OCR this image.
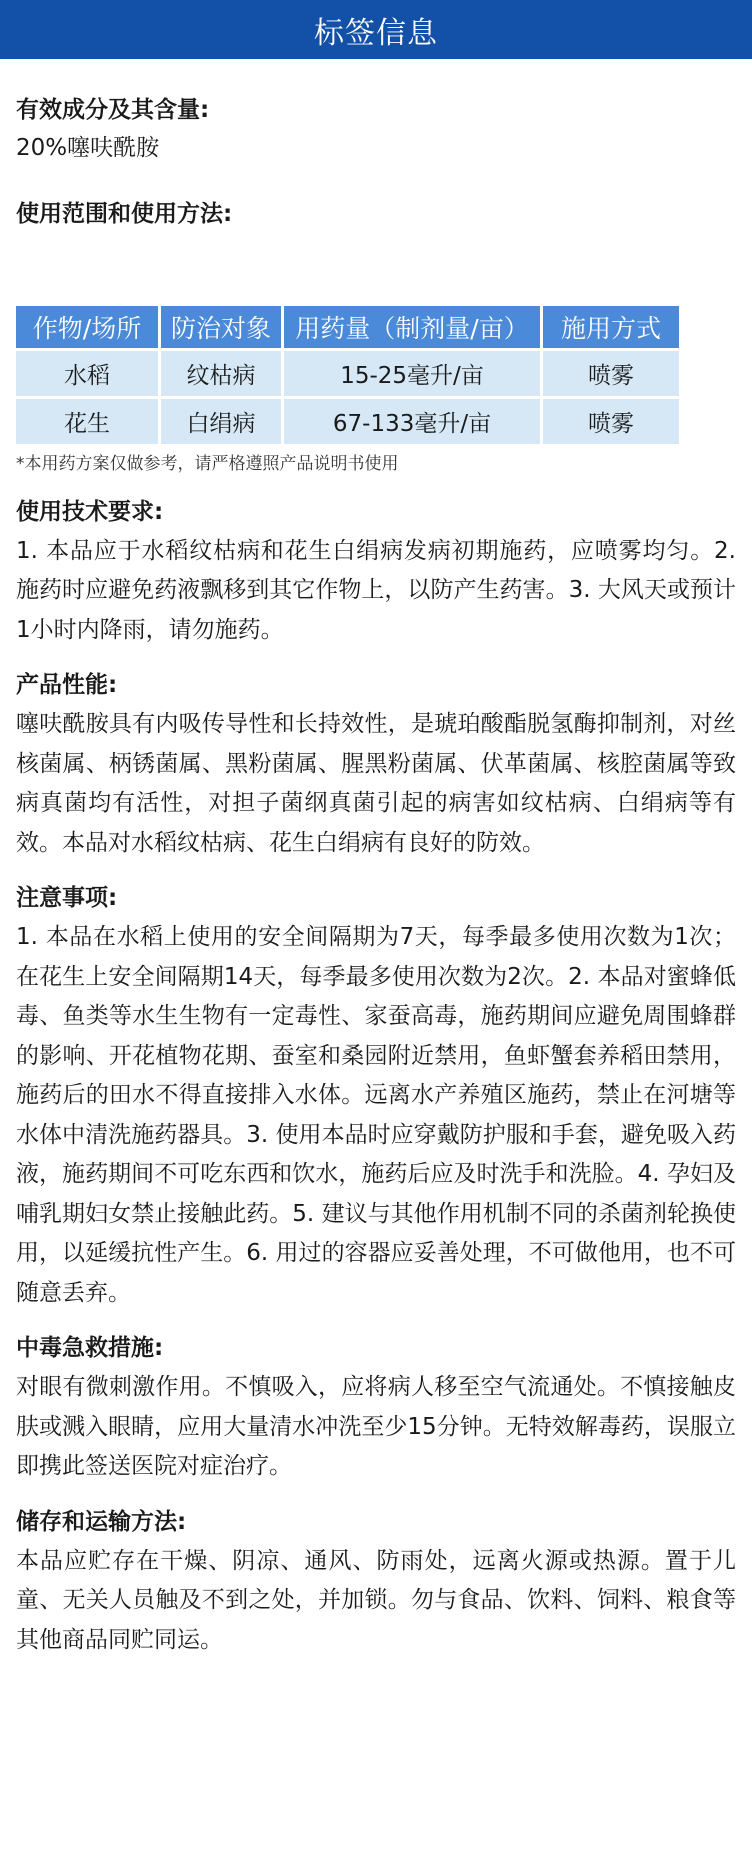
标签信息

有效成分及其含量:

20%噻呋酰胺

使用范围和使用方法:

作物/场所	防治对象	用药量（制剂量/亩）	施用方式
水稻	纹枯病	15-25毫升/亩	喷雾
花生	白绢病	67-133毫升/亩	喷雾
*本用药方案仅做参考，请严格遵照产品说明书使用

使用技术要求:

1. 本品应于水稻纹枯病和花生白绢病发病初期施药，应喷雾均匀。2. 施药时应避免药液飘移到其它作物上，以防产生药害。3. 大风天或预计1小时内降雨，请勿施药。

产品性能:

噻呋酰胺具有内吸传导性和长持效性，是琥珀酸酯脱氢酶抑制剂，对丝核菌属、柄锈菌属、黑粉菌属、腥黑粉菌属、伏革菌属、核腔菌属等致病真菌均有活性，对担子菌纲真菌引起的病害如纹枯病、白绢病等有效。本品对水稻纹枯病、花生白绢病有良好的防效。

注意事项:

1. 本品在水稻上使用的安全间隔期为7天，每季最多使用次数为1次；在花生上安全间隔期14天，每季最多使用次数为2次。2. 本品对蜜蜂低毒、鱼类等水生生物有一定毒性、家蚕高毒，施药期间应避免周围蜂群的影响、开花植物花期、蚕室和桑园附近禁用，鱼虾蟹套养稻田禁用，施药后的田水不得直接排入水体。远离水产养殖区施药，禁止在河塘等水体中清洗施药器具。3. 使用本品时应穿戴防护服和手套，避免吸入药液，施药期间不可吃东西和饮水，施药后应及时洗手和洗脸。4. 孕妇及哺乳期妇女禁止接触此药。5. 建议与其他作用机制不同的杀菌剂轮换使用，以延缓抗性产生。6. 用过的容器应妥善处理，不可做他用，也不可随意丢弃。

中毒急救措施:

对眼有微刺激作用。不慎吸入，应将病人移至空气流通处。不慎接触皮肤或溅入眼睛，应用大量清水冲洗至少15分钟。无特效解毒药，误服立即携此签送医院对症治疗。

储存和运输方法:

本品应贮存在干燥、阴凉、通风、防雨处，远离火源或热源。置于儿童、无关人员触及不到之处，并加锁。勿与食品、饮料、饲料、粮食等其他商品同贮同运。
